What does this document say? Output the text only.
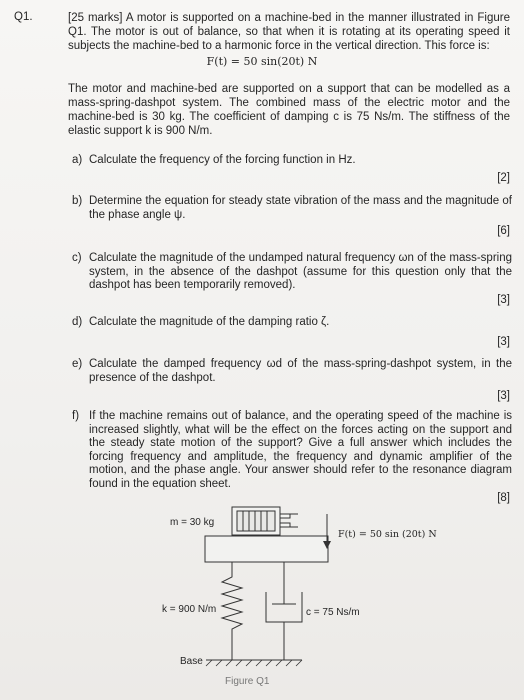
Q1.	[25 marks] A motor is supported on a machine-bed in the manner illustrated in Figure Q1. The motor is out of balance, so that when it is rotating at its operating speed it subjects the machine-bed to a harmonic force in the vertical direction. This force is:

F(t) = 50 sin(20t) N

The motor and machine-bed are supported on a support that can be modelled as a mass-spring-dashpot system. The combined mass of the electric motor and the machine-bed is 30 kg. The coefficient of damping c is 75 Ns/m. The stiffness of the elastic support k is 900 N/m.

a) Calculate the frequency of the forcing function in Hz.
[2]
b) Determine the equation for steady state vibration of the mass and the magnitude of the phase angle ψ.
[6]
c) Calculate the magnitude of the undamped natural frequency ωn of the mass-spring system, in the absence of the dashpot (assume for this question only that the dashpot has been temporarily removed).
[3]
d) Calculate the magnitude of the damping ratio ζ.
[3]
e) Calculate the damped frequency ωd of the mass-spring-dashpot system, in the presence of the dashpot.
[3]
f) If the machine remains out of balance, and the operating speed of the machine is increased slightly, what will be the effect on the forces acting on the support and the steady state motion of the support? Give a full answer which includes the forcing frequency and amplitude, the frequency and dynamic amplifier of the motion, and the phase angle. Your answer should refer to the resonance diagram found in the equation sheet.
[8]
m = 30 kg
F(t) = 50 sin (20t) N
k = 900 N/m	c = 75 Ns/m
Base
Figure Q1
